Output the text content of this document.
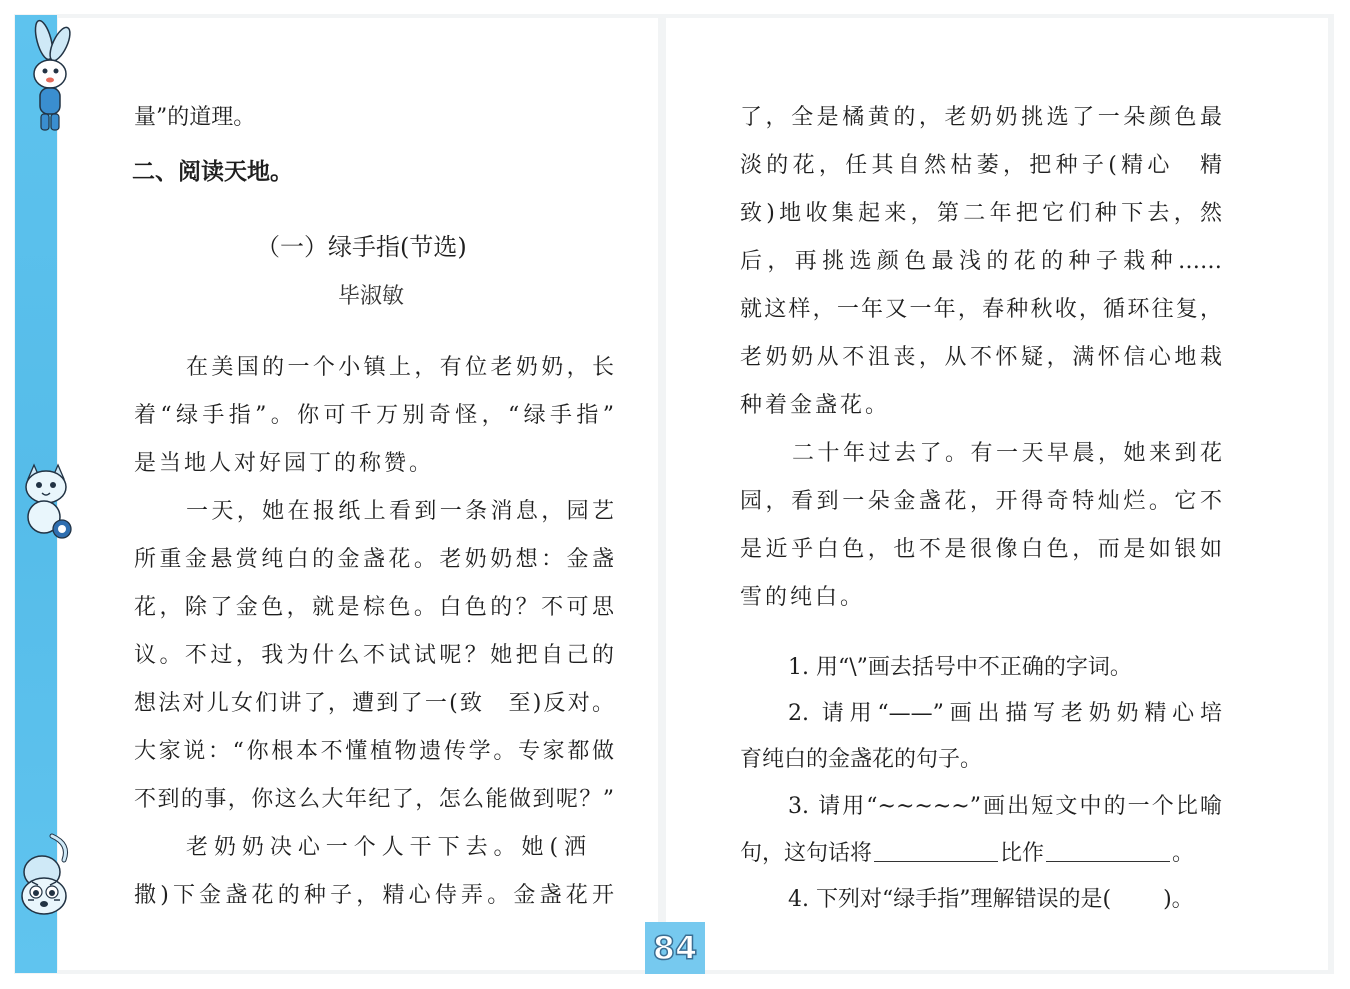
量”的道理。
二、阅读天地。
（一）绿手指(节选)
毕淑敏
在美国的一个小镇上，有位老奶奶，长
着“绿手指”。你可千万别奇怪，“绿手指”
是当地人对好园丁的称赞。
一天，她在报纸上看到一条消息，园艺
所重金悬赏纯白的金盏花。老奶奶想：金盏
花，除了金色，就是棕色。白色的？不可思
议。不过，我为什么不试试呢？她把自己的
想法对儿女们讲了，遭到了一(致　至)反对。
大家说：“你根本不懂植物遗传学。专家都做
不到的事，你这么大年纪了，怎么能做到呢？”
老奶奶决心一个人干下去。她(洒
撒)下金盏花的种子，精心侍弄。金盏花开
了，全是橘黄的，老奶奶挑选了一朵颜色最
淡的花，任其自然枯萎，把种子(精心　精
致)地收集起来，第二年把它们种下去，然
后，再挑选颜色最浅的花的种子栽种……
就这样，一年又一年，春种秋收，循环往复，
老奶奶从不沮丧，从不怀疑，满怀信心地栽
种着金盏花。
二十年过去了。有一天早晨，她来到花
园，看到一朵金盏花，开得奇特灿烂。它不
是近乎白色，也不是很像白色，而是如银如
雪的纯白。
1. 用“\”画去括号中不正确的字词。
2. 请用“——”画出描写老奶奶精心培
育纯白的金盏花的句子。
3. 请用“~~~~~”画出短文中的一个比喻
句，这句话将	比作	。
4. 下列对“绿手指”理解错误的是( )。
84
